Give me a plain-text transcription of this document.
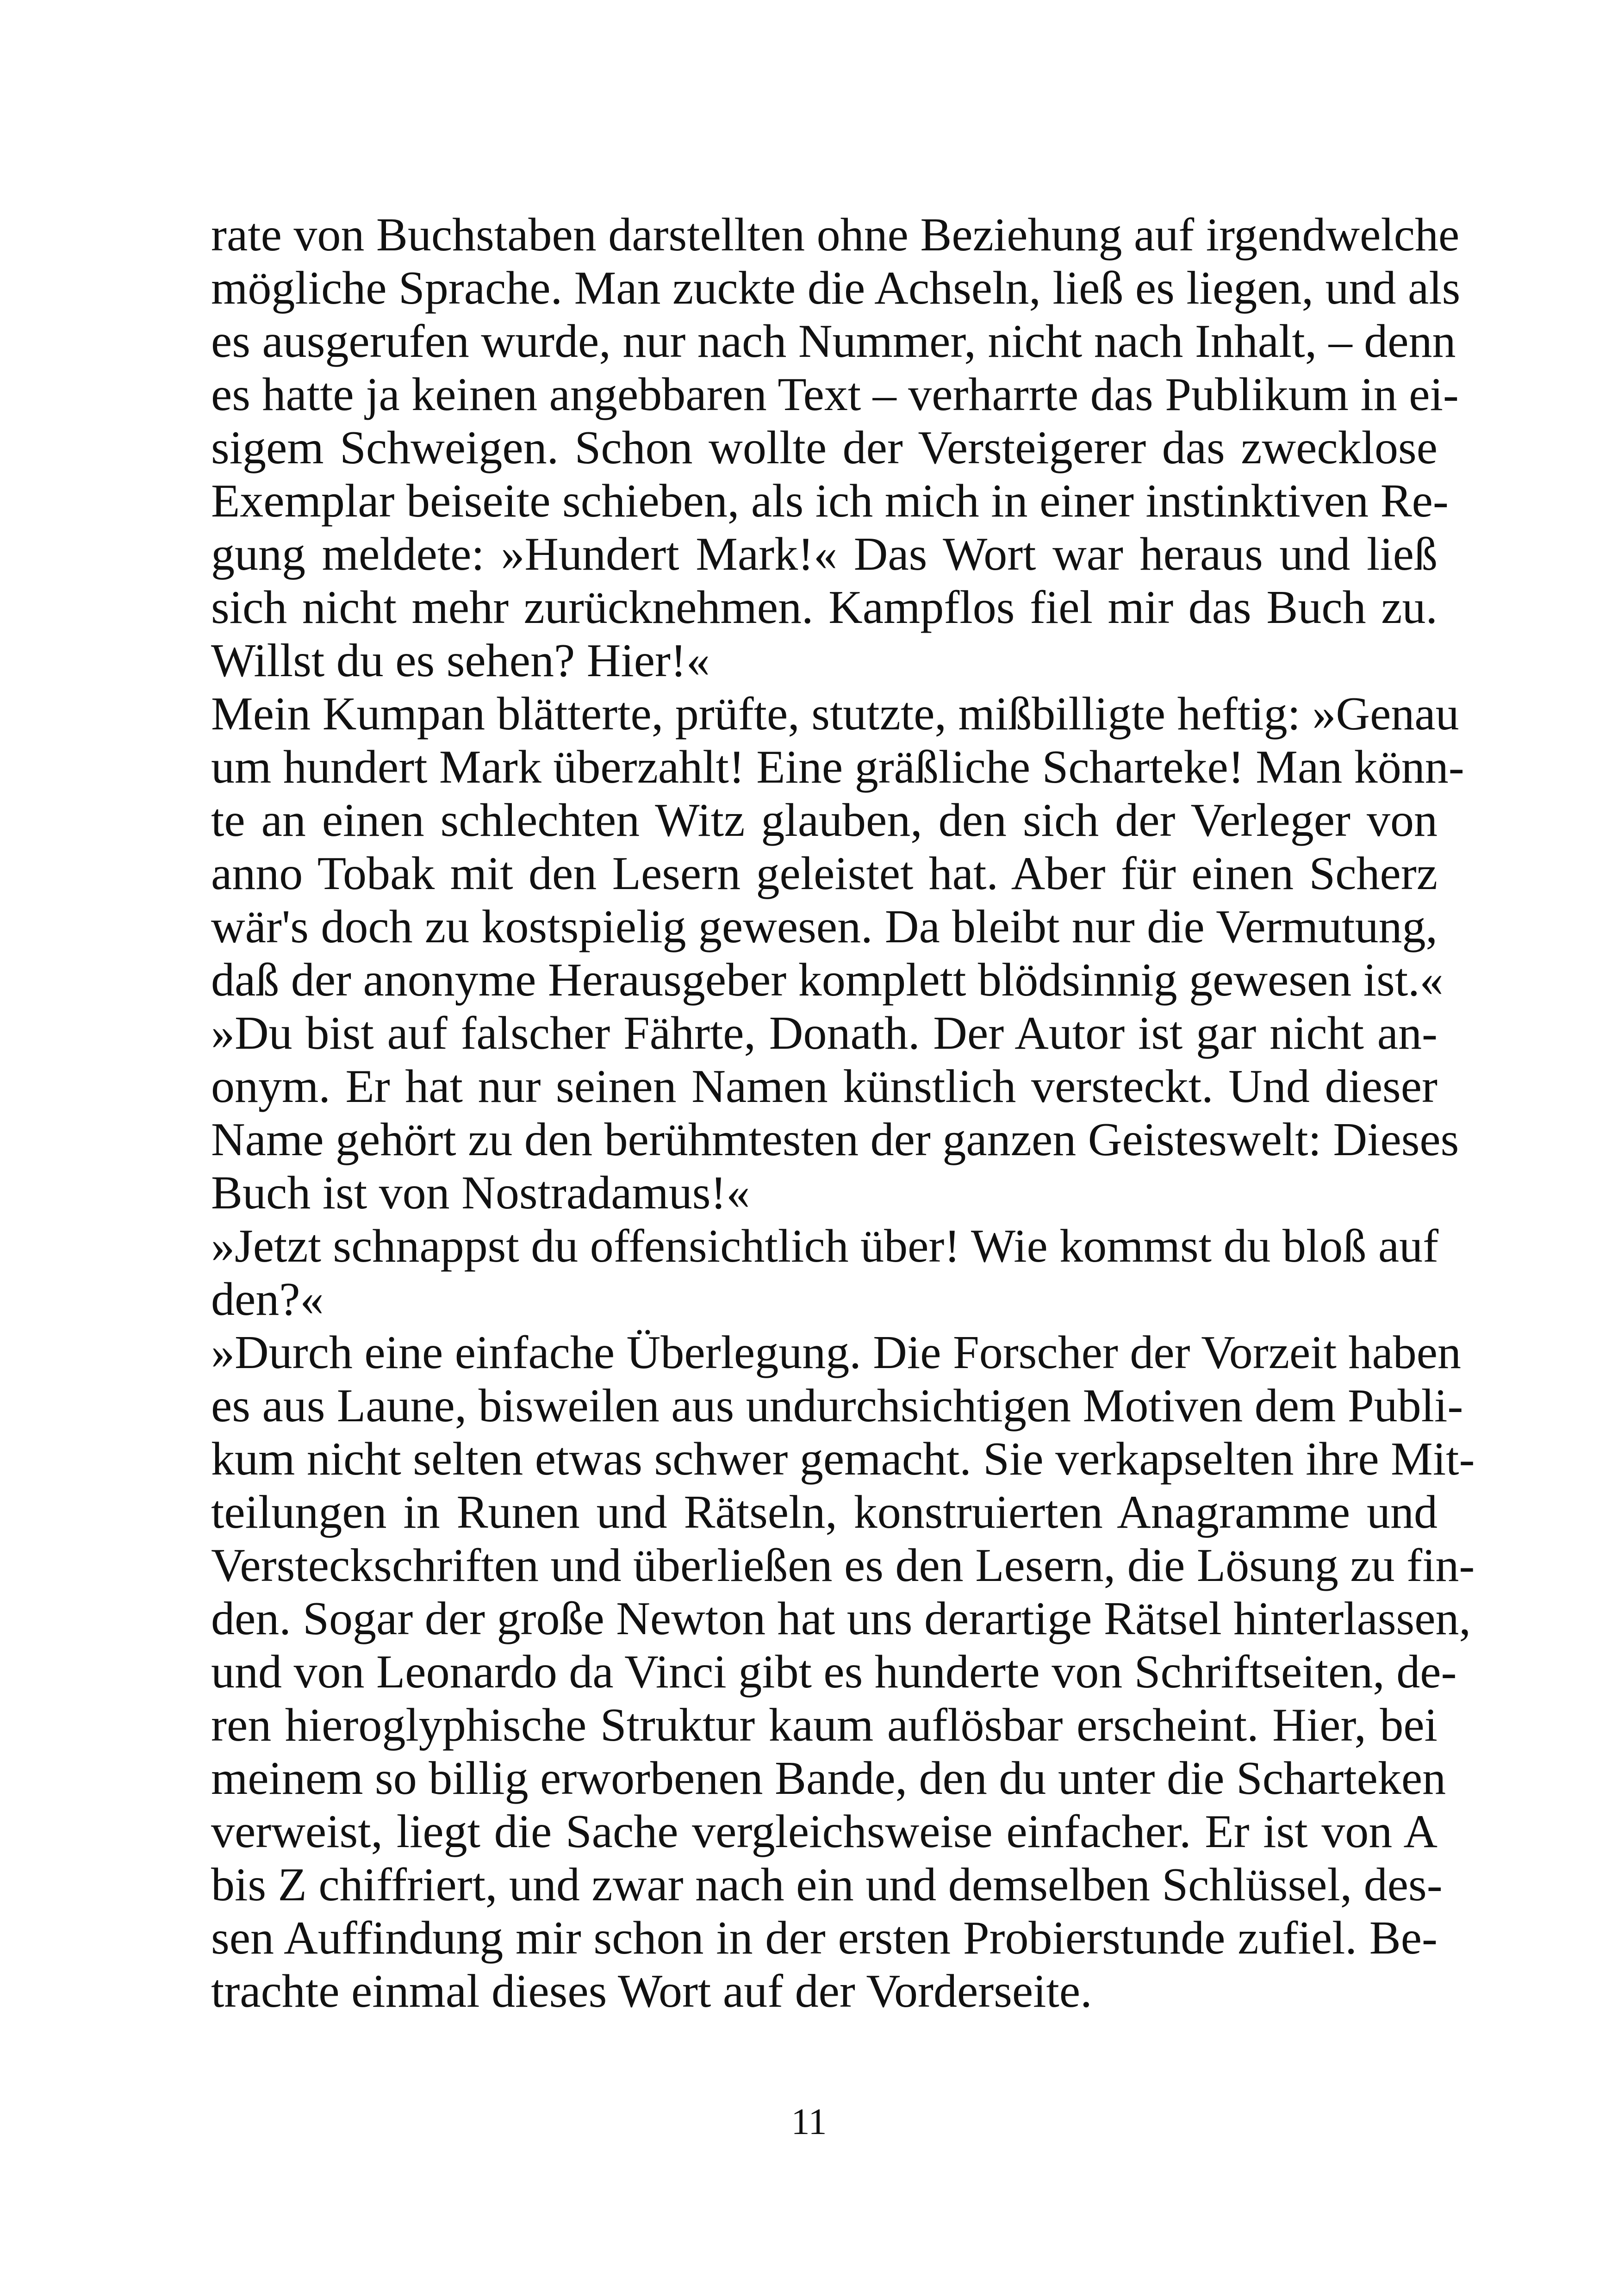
rate von Buchstaben darstellten ohne Beziehung auf irgendwelche
mögliche Sprache. Man zuckte die Achseln, ließ es liegen, und als
es ausgerufen wurde, nur nach Nummer, nicht nach Inhalt, – denn
es hatte ja keinen angebbaren Text – verharrte das Publikum in ei-
sigem Schweigen. Schon wollte der Versteigerer das zwecklose
Exemplar beiseite schieben, als ich mich in einer instinktiven Re-
gung meldete: »Hundert Mark!« Das Wort war heraus und ließ
sich nicht mehr zurücknehmen. Kampflos fiel mir das Buch zu.
Willst du es sehen? Hier!«
Mein Kumpan blätterte, prüfte, stutzte, mißbilligte heftig: »Genau
um hundert Mark überzahlt! Eine gräßliche Scharteke! Man könn-
te an einen schlechten Witz glauben, den sich der Verleger von
anno Tobak mit den Lesern geleistet hat. Aber für einen Scherz
wär's doch zu kostspielig gewesen. Da bleibt nur die Vermutung,
daß der anonyme Herausgeber komplett blödsinnig gewesen ist.«
»Du bist auf falscher Fährte, Donath. Der Autor ist gar nicht an-
onym. Er hat nur seinen Namen künstlich versteckt. Und dieser
Name gehört zu den berühmtesten der ganzen Geisteswelt: Dieses
Buch ist von Nostradamus!«
»Jetzt schnappst du offensichtlich über! Wie kommst du bloß auf
den?«
»Durch eine einfache Überlegung. Die Forscher der Vorzeit haben
es aus Laune, bisweilen aus undurchsichtigen Motiven dem Publi-
kum nicht selten etwas schwer gemacht. Sie verkapselten ihre Mit-
teilungen in Runen und Rätseln, konstruierten Anagramme und
Versteckschriften und überließen es den Lesern, die Lösung zu fin-
den. Sogar der große Newton hat uns derartige Rätsel hinterlassen,
und von Leonardo da Vinci gibt es hunderte von Schriftseiten, de-
ren hieroglyphische Struktur kaum auflösbar erscheint. Hier, bei
meinem so billig erworbenen Bande, den du unter die Scharteken
verweist, liegt die Sache vergleichsweise einfacher. Er ist von A
bis Z chiffriert, und zwar nach ein und demselben Schlüssel, des-
sen Auffindung mir schon in der ersten Probierstunde zufiel. Be-
trachte einmal dieses Wort auf der Vorderseite.
11
